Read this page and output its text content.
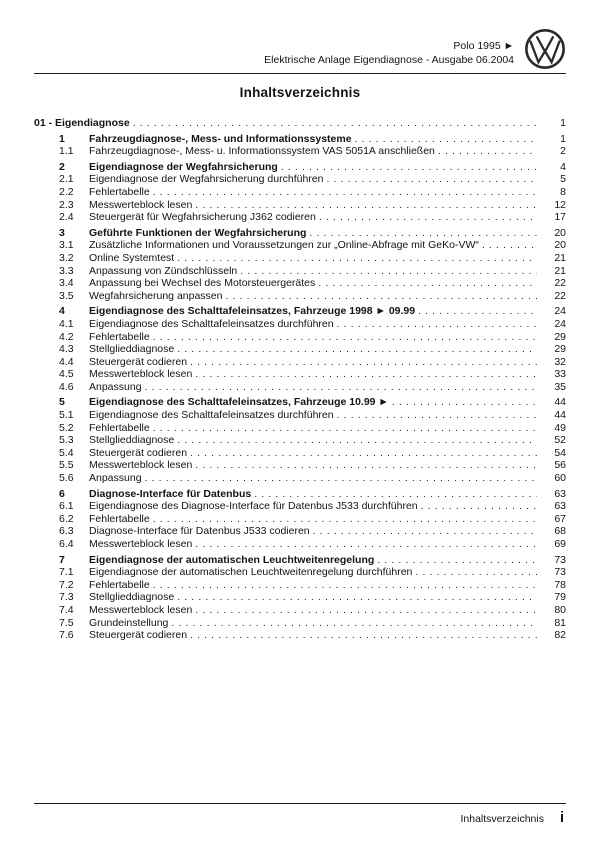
Polo 1995 ►
Elektrische Anlage Eigendiagnose - Ausgabe 06.2004
Inhaltsverzeichnis
01 - Eigendiagnose . . .	1
1	Fahrzeugdiagnose-, Mess- und Informationssysteme . . .	1
1.1	Fahrzeugdiagnose-, Mess- u. Informationssystem VAS 5051A anschließen . . .	2
2	Eigendiagnose der Wegfahrsicherung . . .	4
2.1	Eigendiagnose der Wegfahrsicherung durchführen . . .	5
2.2	Fehlertabelle . . .	8
2.3	Messwerteblock lesen . . .	12
2.4	Steuergerät für Wegfahrsicherung J362 codieren . . .	17
3	Geführte Funktionen der Wegfahrsicherung . . .	20
3.1	Zusätzliche Informationen und Voraussetzungen zur „Online-Abfrage mit GeKo-VW“ . . .	20
3.2	Online Systemtest . . .	21
3.3	Anpassung von Zündschlüsseln . . .	21
3.4	Anpassung bei Wechsel des Motorsteuergerätes . . .	22
3.5	Wegfahrsicherung anpassen . . .	22
4	Eigendiagnose des Schalttafeleinsatzes, Fahrzeuge 1998 ► 09.99 . . .	24
4.1	Eigendiagnose des Schalttafeleinsatzes durchführen . . .	24
4.2	Fehlertabelle . . .	29
4.3	Stellglieddiagnose . . .	29
4.4	Steuergerät codieren . . .	32
4.5	Messwerteblock lesen . . .	33
4.6	Anpassung . . .	35
5	Eigendiagnose des Schalttafeleinsatzes, Fahrzeuge 10.99 ► . . .	44
5.1	Eigendiagnose des Schalttafeleinsatzes durchführen . . .	44
5.2	Fehlertabelle . . .	49
5.3	Stellglieddiagnose . . .	52
5.4	Steuergerät codieren . . .	54
5.5	Messwerteblock lesen . . .	56
5.6	Anpassung . . .	60
6	Diagnose-Interface für Datenbus . . .	63
6.1	Eigendiagnose des Diagnose-Interface für Datenbus J533 durchführen . . .	63
6.2	Fehlertabelle . . .	67
6.3	Diagnose-Interface für Datenbus J533 codieren . . .	68
6.4	Messwerteblock lesen . . .	69
7	Eigendiagnose der automatischen Leuchtweitenregelung . . .	73
7.1	Eigendiagnose der automatischen Leuchtweitenregelung durchführen . . .	73
7.2	Fehlertabelle . . .	78
7.3	Stellglieddiagnose . . .	79
7.4	Messwerteblock lesen . . .	80
7.5	Grundeinstellung . . .	81
7.6	Steuergerät codieren . . .	82
Inhaltsverzeichnis i
